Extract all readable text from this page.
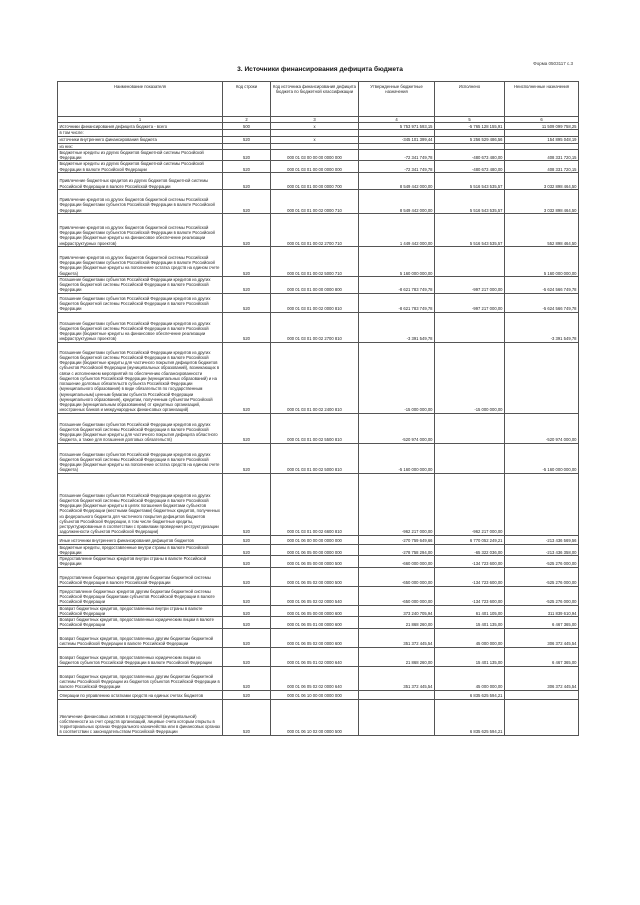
Форма 0503117 с.3
3. Источники финансирования дефицита бюджета
Наименование показателя	Код строки	Код источника финансирования дефицита бюджета по бюджетной классификации	Утвержденные бюджетные назначения	Исполнено	Неисполненные назначения
1	2	3	4	5	6
Источники финансирования дефицита бюджета - всего	500	x	5 753 971 593,15	-5 765 128 155,91	11 509 099 758,25
в том числе:					
источники внутреннего финансирования бюджета	520	x	-345 101 399,44	5 256 529 486,56	154 895 048,19
из них:					
Бюджетные кредиты из других бюджетов бюджетной системы Российской Федерации	520	000 01 03 00 00 00 0000 000	-72 341 749,78	-480 673 480,00	408 331 720,15
Бюджетные кредиты из других бюджетов бюджетной системы Российской Федерации в валюте Российской Федерации	520	000 01 03 01 00 00 0000 000	-72 341 749,78	-480 673 480,00	408 331 720,15
Привлечение бюджетных кредитов из других бюджетов бюджетной системы Российской Федерации в валюте Российской Федерации	520	000 01 03 01 00 00 0000 700	8 549 442 000,00	5 516 543 535,57	3 032 898 464,50
Привлечение кредитов из других бюджетов бюджетной системы Российской Федерации бюджетами субъектов Российской Федерации в валюте Российской Федерации	520	000 01 03 01 00 02 0000 710	8 549 442 000,00	5 516 543 535,57	3 032 898 464,50
Привлечение кредитов из других бюджетов бюджетной системы Российской Федерации бюджетами субъектов Российской Федерации в валюте Российской Федерации (бюджетные кредиты на финансовое обеспечение реализации инфраструктурных проектов)	520	000 01 03 01 00 02 2700 710	1 449 442 000,00	5 516 543 535,57	552 898 464,50
Привлечение кредитов из других бюджетов бюджетной системы Российской Федерации бюджетами субъектов Российской Федерации в валюте Российской Федерации (бюджетные кредиты на пополнение остатка средств на едином счете бюджета)	520	000 01 03 01 00 02 5000 710	5 160 000 000,00		5 160 000 000,00
Погашение бюджетами субъектов Российской Федерации кредитов из других бюджетов бюджетной системы Российской Федерации в валюте Российской Федерации	520	000 01 03 01 00 00 0000 800	-8 621 783 749,78	-997 217 000,00	-5 624 566 749,78
Погашение бюджетами субъектов Российской Федерации кредитов из других бюджетов бюджетной системы Российской Федерации в валюте Российской Федерации	520	000 01 03 01 00 02 0000 810	-8 621 783 749,78	-997 217 000,00	-5 624 566 749,78
Погашение бюджетами субъектов Российской Федерации кредитов из других бюджетов бюджетной системы Российской Федерации в валюте Российской Федерации (бюджетные кредиты на финансовое обеспечение реализации инфраструктурных проектов)	520	000 01 03 01 00 02 2700 810	-3 391 549,78		-3 391 549,78
Погашение бюджетами субъектов Российской Федерации кредитов из других бюджетов бюджетной системы Российской Федерации в валюте Российской Федерации (бюджетные кредиты для частичного покрытия дефицитов бюджетов субъектов Российской Федерации (муниципальных образований), возникающих в связи с исполнением мероприятий по обеспечению сбалансированности бюджетов субъектов Российской Федерации (муниципальных образований) и на погашение долговых обязательств субъекта Российской Федерации (муниципального образования) в виде обязательств по государственным (муниципальным) ценным бумагам субъекта Российской Федерации (муниципального образования), кредитам, полученным субъектом Российской Федерации (муниципальным образованием) от кредитных организаций, иностранных банков и международных финансовых организаций)	520	000 01 03 01 00 02 2400 810	-15 000 000,00	-15 000 000,00	
Погашение бюджетами субъектов Российской Федерации кредитов из других бюджетов бюджетной системы Российской Федерации в валюте Российской Федерации (бюджетные кредиты для частичного покрытия дефицита областного бюджета, а также для погашения долговых обязательств)	520	000 01 03 01 00 02 5500 810	-520 974 000,00		-520 974 000,00
Погашение бюджетами субъектов Российской Федерации кредитов из других бюджетов бюджетной системы Российской Федерации в валюте Российской Федерации (бюджетные кредиты на пополнение остатка средств на едином счете бюджета)	520	000 01 03 01 00 02 5000 810	-5 160 000 000,00		-5 160 000 000,00
Погашение бюджетами субъектов Российской Федерации кредитов из других бюджетов бюджетной системы Российской Федерации в валюте Российской Федерации (бюджетные кредиты в целях погашения бюджетами субъектов Российской Федерации (местными бюджетами) бюджетных кредитов, полученных из федерального бюджета для частичного покрытия дефицитов бюджетов субъектов Российской Федерации, в том числе бюджетные кредиты, реструктурированные в соответствии с правилами проведения реструктуризации задолженности субъектов Российской Федерации)	520	000 01 03 01 00 02 6600 810	-962 217 000,00	-962 217 000,00	
Иные источники внутреннего финансирования дефицитов бюджетов	520	000 01 06 00 00 00 0000 000	-270 759 649,66	6 770 052 249,21	-213 436 569,56
Бюджетные кредиты, предоставленные внутри страны в валюте Российской Федерации	520	000 01 06 05 00 00 0000 000	-278 758 294,00	-65 322 036,00	-213 436 358,00
Предоставление бюджетных кредитов внутри страны в валюте Российской Федерации	520	000 01 06 05 00 00 0000 500	-660 000 000,00	-134 723 600,00	-525 276 000,00
Предоставление бюджетных кредитов другим бюджетам бюджетной системы Российской Федерации в валюте Российской Федерации	520	000 01 06 05 02 00 0000 500	-650 000 000,00	-134 723 600,00	-525 276 000,00
Предоставление бюджетных кредитов другим бюджетам бюджетной системы Российской Федерации бюджетами субъектов Российской Федерации в валюте Российской Федерации	520	000 01 06 05 02 02 0000 540	-650 000 000,00	-134 723 600,00	-525 276 000,00
Возврат бюджетных кредитов, предоставленных внутри страны в валюте Российской Федерации	520	000 01 06 05 00 00 0000 600	373 240 705,94	61 401 105,00	311 839 610,94
Возврат бюджетных кредитов, предоставленных юридическим лицам в валюте Российской Федерации	520	000 01 06 05 01 00 0000 600	21 868 260,00	15 401 135,00	6 467 365,00
Возврат бюджетных кредитов, предоставленных другим бюджетам бюджетной системы Российской Федерации в валюте Российской Федерации	520	000 01 06 05 02 00 0000 600	351 372 445,54	45 000 000,00	306 372 445,54
Возврат бюджетных кредитов, предоставленных юридическим лицам из бюджетов субъектов Российской Федерации в валюте Российской Федерации	520	000 01 06 05 01 02 0000 640	21 868 260,00	15 401 135,00	6 467 365,00
Возврат бюджетных кредитов, предоставленных другим бюджетам бюджетной системы Российской Федерации из бюджетов субъектов Российской Федерации в валюте Российской Федерации	520	000 01 06 05 02 02 0000 640	351 372 445,54	45 000 000,00	306 372 445,54
Операции по управлению остатками средств на единых счетах бюджетов	520	000 01 06 10 00 00 0000 000		6 835 625 594,21	
Увеличение финансовых активов в государственной (муниципальной) собственности за счет средств организаций, лицевые счета которым открыты в территориальных органах Федерального казначейства или в финансовых органах в соответствии с законодательством Российской Федерации	520	000 01 06 10 02 00 0000 500		6 835 625 594,21	
